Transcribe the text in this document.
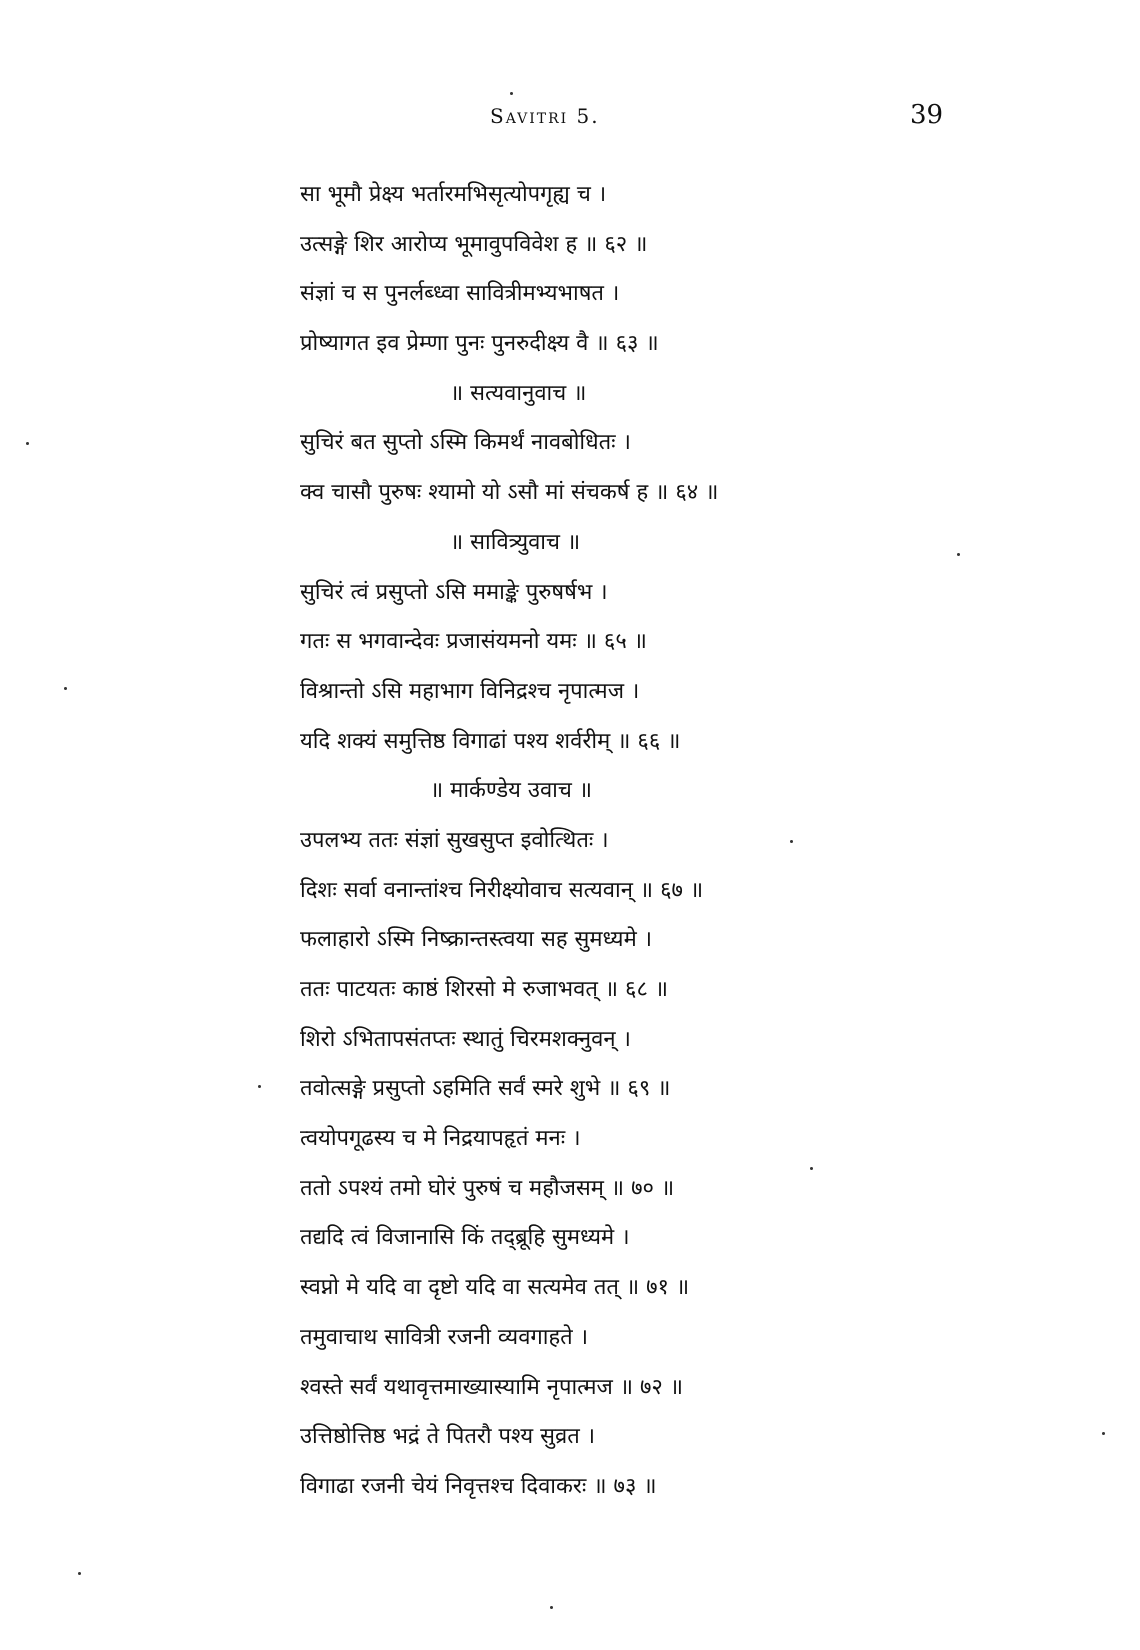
Savitri 5.	39
सा भूमौ प्रेक्ष्य भर्तारमभिसृत्योपगृह्य च ।
उत्सङ्गे शिर आरोप्य भूमावुपविवेश ह ॥ ६२ ॥
संज्ञां च स पुनर्लब्ध्वा सावित्रीमभ्यभाषत ।
प्रोष्यागत इव प्रेम्णा पुनः पुनरुदीक्ष्य वै ॥ ६३ ॥
॥ सत्यवानुवाच ॥
सुचिरं बत सुप्तो ऽस्मि किमर्थं नावबोधितः ।
क्व चासौ पुरुषः श्यामो यो ऽसौ मां संचकर्ष ह ॥ ६४ ॥
॥ सावित्र्युवाच ॥
सुचिरं त्वं प्रसुप्तो ऽसि ममाङ्के पुरुषर्षभ ।
गतः स भगवान्देवः प्रजासंयमनो यमः ॥ ६५ ॥
विश्रान्तो ऽसि महाभाग विनिद्रश्च नृपात्मज ।
यदि शक्यं समुत्तिष्ठ विगाढां पश्य शर्वरीम् ॥ ६६ ॥
॥ मार्कण्डेय उवाच ॥
उपलभ्य ततः संज्ञां सुखसुप्त इवोत्थितः ।
दिशः सर्वा वनान्तांश्च निरीक्ष्योवाच सत्यवान् ॥ ६७ ॥
फलाहारो ऽस्मि निष्क्रान्तस्त्वया सह सुमध्यमे ।
ततः पाटयतः काष्ठं शिरसो मे रुजाभवत् ॥ ६८ ॥
शिरो ऽभितापसंतप्तः स्थातुं चिरमशक्नुवन् ।
तवोत्सङ्गे प्रसुप्तो ऽहमिति सर्वं स्मरे शुभे ॥ ६९ ॥
त्वयोपगूढस्य च मे निद्रयापहृतं मनः ।
ततो ऽपश्यं तमो घोरं पुरुषं च महौजसम् ॥ ७० ॥
तद्यदि त्वं विजानासि किं तद्ब्रूहि सुमध्यमे ।
स्वप्नो मे यदि वा दृष्टो यदि वा सत्यमेव तत् ॥ ७१ ॥
तमुवाचाथ सावित्री रजनी व्यवगाहते ।
श्वस्ते सर्वं यथावृत्तमाख्यास्यामि नृपात्मज ॥ ७२ ॥
उत्तिष्ठोत्तिष्ठ भद्रं ते पितरौ पश्य सुव्रत ।
विगाढा रजनी चेयं निवृत्तश्च दिवाकरः ॥ ७३ ॥
